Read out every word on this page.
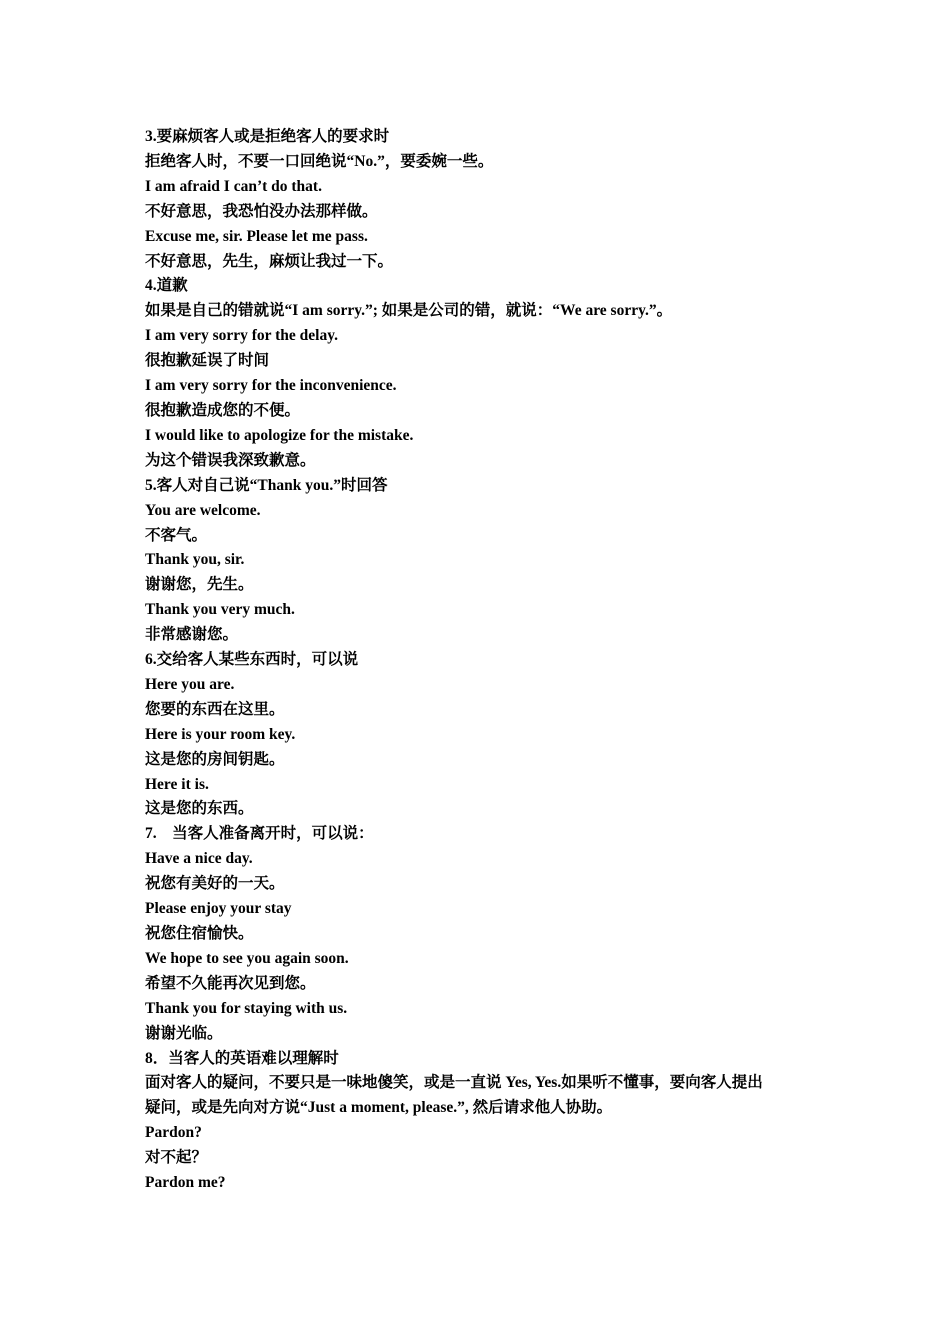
3.要麻烦客人或是拒绝客人的要求时
拒绝客人时，不要一口回绝说“No.”，要委婉一些。
I am afraid I can’t do that.
不好意思，我恐怕没办法那样做。
Excuse me, sir. Please let me pass.
不好意思，先生，麻烦让我过一下。
4.道歉
如果是自己的错就说“I am sorry.”; 如果是公司的错，就说：“We are sorry.”。
I am very sorry for the delay.
很抱歉延误了时间
I am very sorry for the inconvenience.
很抱歉造成您的不便。
I would like to apologize for the mistake.
为这个错误我深致歉意。
5.客人对自己说“Thank you.”时回答
You are welcome.
不客气。
Thank you, sir.
谢谢您，先生。
Thank you very much.
非常感谢您。
6.交给客人某些东西时，可以说
Here you are.
您要的东西在这里。
Here is your room key.
这是您的房间钥匙。
Here it is.
这是您的东西。
7.　当客人准备离开时，可以说：
Have a nice day.
祝您有美好的一天。
Please enjoy your stay
祝您住宿愉快。
We hope to see you again soon.
希望不久能再次见到您。
Thank you for staying with us.
谢谢光临。
8．当客人的英语难以理解时
面对客人的疑问，不要只是一味地傻笑，或是一直说 Yes, Yes.如果听不懂事，要向客人提出
疑问，或是先向对方说“Just a moment, please.”, 然后请求他人协助。
Pardon?
对不起？
Pardon me?
